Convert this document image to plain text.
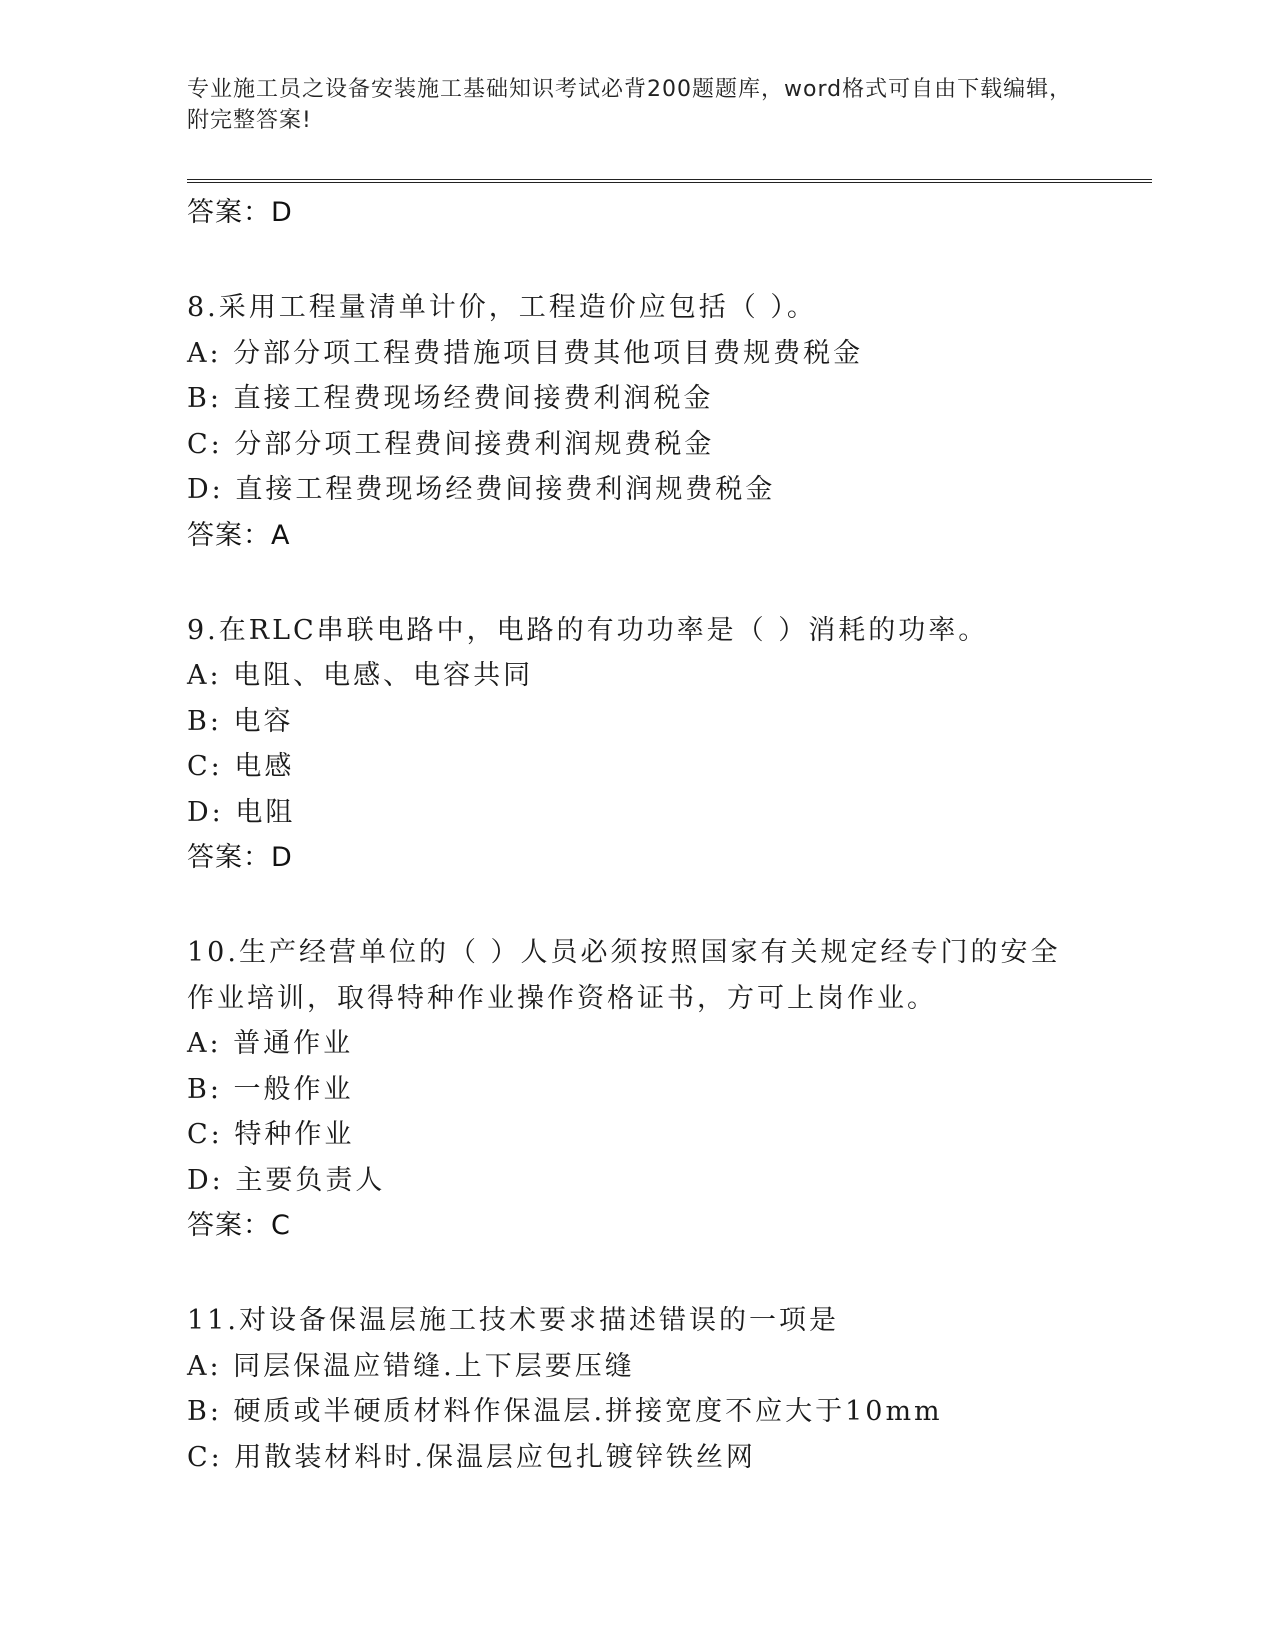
专业施工员之设备安装施工基础知识考试必背200题题库，word格式可自由下载编辑，附完整答案!
答案：D
8.采用工程量清单计价，工程造价应包括（ ）。
A: 分部分项工程费措施项目费其他项目费规费税金
B: 直接工程费现场经费间接费利润税金
C: 分部分项工程费间接费利润规费税金
D: 直接工程费现场经费间接费利润规费税金
答案：A
9.在RLC串联电路中，电路的有功功率是（ ）消耗的功率。
A: 电阻、电感、电容共同
B: 电容
C: 电感
D: 电阻
答案：D
10.生产经营单位的（ ）人员必须按照国家有关规定经专门的安全作业培训，取得特种作业操作资格证书，方可上岗作业。
A: 普通作业
B: 一般作业
C: 特种作业
D: 主要负责人
答案：C
11.对设备保温层施工技术要求描述错误的一项是
A: 同层保温应错缝.上下层要压缝
B: 硬质或半硬质材料作保温层.拼接宽度不应大于10mm
C: 用散装材料时.保温层应包扎镀锌铁丝网
